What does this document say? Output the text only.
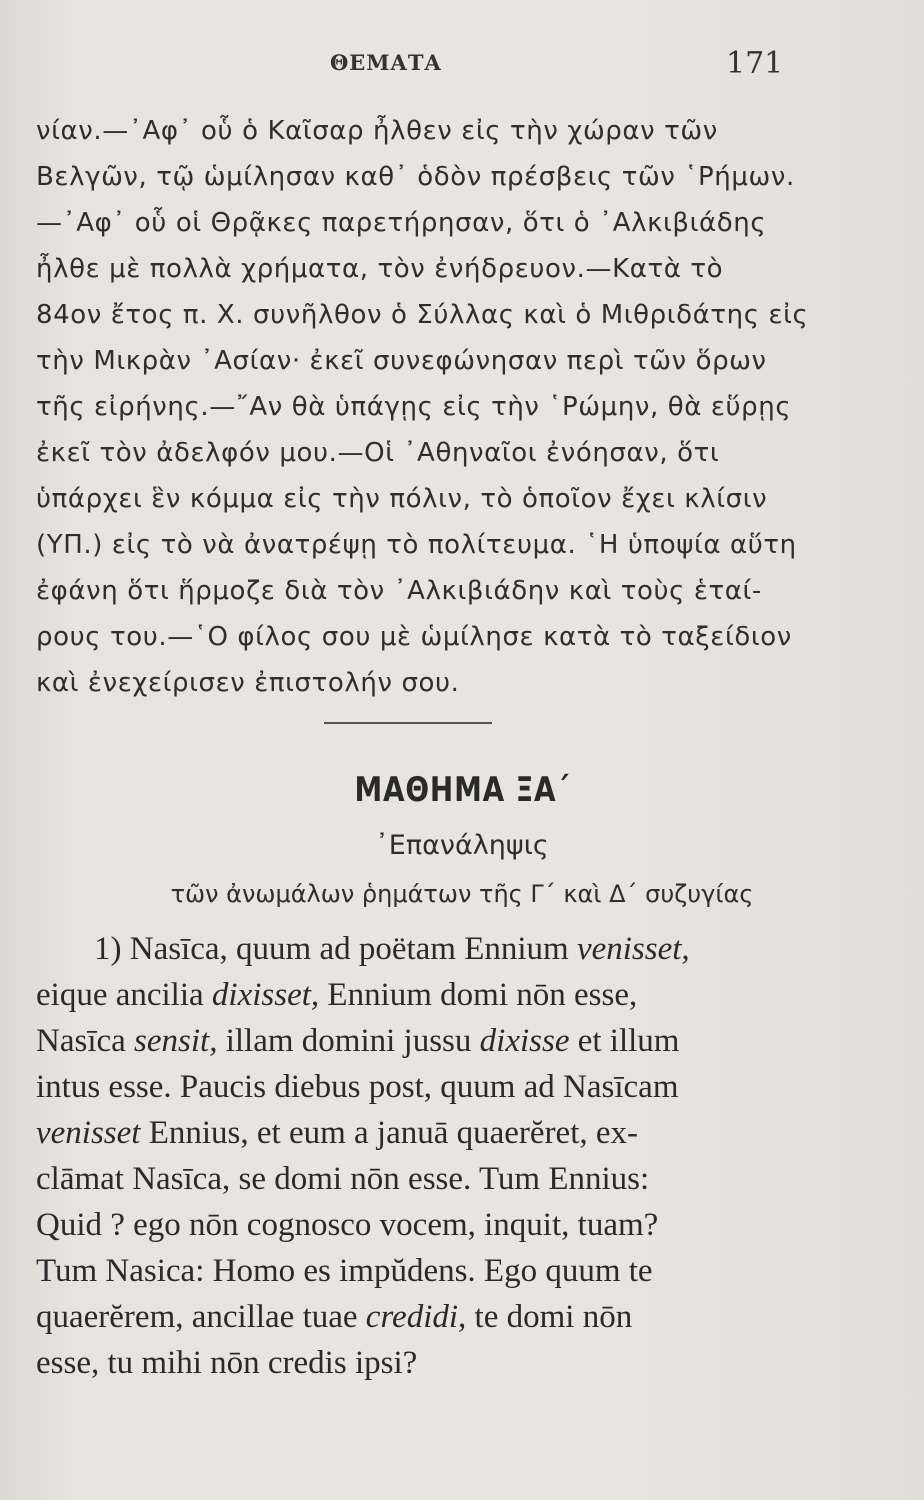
ΘΕΜΑΤΑ	171
νίαν.—᾿Αφ᾿ οὗ ὁ Καῖσαρ ἦλθεν εἰς τὴν χώραν τῶν
Βελγῶν, τῷ ὡμίλησαν καθ᾿ ὁδὸν πρέσβεις τῶν ῾Ρήμων.
—᾿Αφ᾿ οὗ οἱ Θρᾷκες παρετήρησαν, ὅτι ὁ ᾿Αλκιβιάδης
ἦλθε μὲ πολλὰ χρήματα, τὸν ἐνήδρευον.—Κατὰ τὸ
84ον ἔτος π. Χ. συνῆλθον ὁ Σύλλας καὶ ὁ Μιθριδάτης εἰς
τὴν Μικρὰν ᾿Ασίαν· ἐκεῖ συνεφώνησαν περὶ τῶν ὅρων
τῆς εἰρήνης.—῎Αν θὰ ὑπάγῃς εἰς τὴν ῾Ρώμην, θὰ εὕρῃς
ἐκεῖ τὸν ἀδελφόν μου.—Οἱ ᾿Αθηναῖοι ἐνόησαν, ὅτι
ὑπάρχει ἓν κόμμα εἰς τὴν πόλιν, τὸ ὁποῖον ἔχει κλίσιν
(ΥΠ.) εἰς τὸ νὰ ἀνατρέψῃ τὸ πολίτευμα. ῾Η ὑποψία αὕτη
ἐφάνη ὅτι ἥρμοζε διὰ τὸν ᾿Αλκιβιάδην καὶ τοὺς ἑταί-
ρους του.—῾Ο φίλος σου μὲ ὡμίλησε κατὰ τὸ ταξείδιον
καὶ ἐνεχείρισεν ἐπιστολήν σου.
ΜΑΘΗΜΑ ΞΑ΄
᾿Επανάληψις
τῶν ἀνωμάλων ῥημάτων τῆς Γ΄ καὶ Δ΄ συζυγίας
1) Nasīca, quum ad poëtam Ennium venisset,
eique ancilia dixisset, Ennium domi nōn esse,
Nasīca sensit, illam domini jussu dixisse et illum
intus esse. Paucis diebus post, quum ad Nasīcam
venisset Ennius, et eum a januā quaerĕret, ex-
clāmat Nasīca, se domi nōn esse. Tum Ennius:
Quid ? ego nōn cognosco vocem, inquit, tuam?
Tum Nasica: Homo es impŭdens. Ego quum te
quaerĕrem, ancillae tuae credidi, te domi nōn
esse, tu mihi nōn credis ipsi?
